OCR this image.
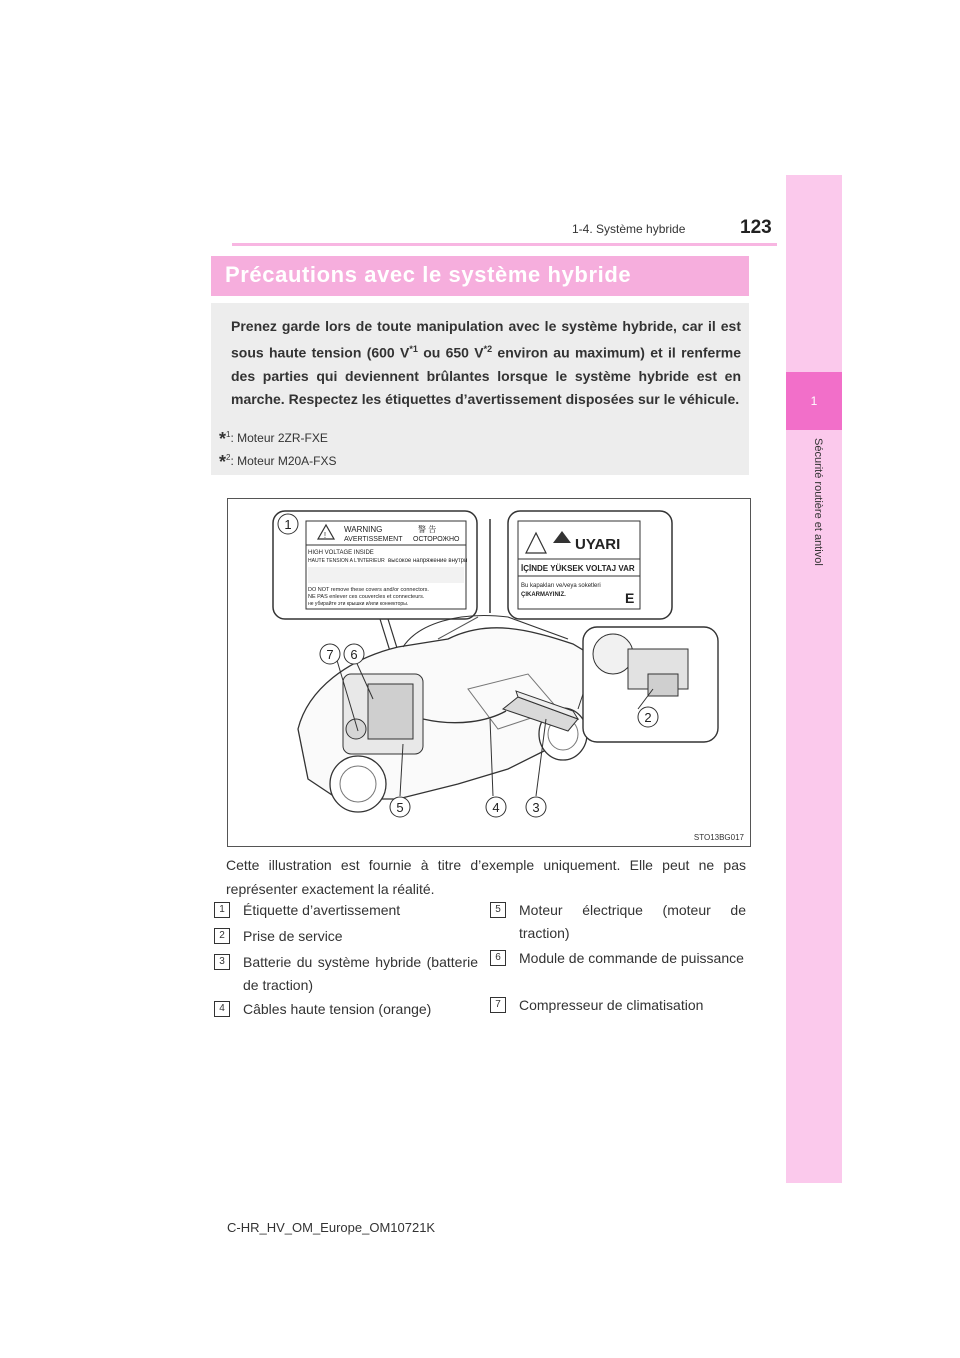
1
Sécurité routière et antivol
1-4. Système hybride	123
Précautions avec le système hybride
Prenez garde lors de toute manipulation avec le système hybride, car il est sous haute tension (600 $V^{*1}$ ou 650 $V^{*2}$ environ au maximum) et il renferme des parties qui deviennent brûlantes lorsque le système hybride est en marche. Respectez les étiquettes d’avertissement disposées sur le véhicule.
*$^1$: Moteur 2ZR-FXE
*$^2$: Moteur M20A-FXS
!
WARNING
AVERTISSEMENT
警 告
ОСТОРОЖНО
HIGH VOLTAGE INSIDE
HAUTE TENSION A L'INTERIEUR высокое напряжение внутри
DO NOT remove these covers and/or connectors.
NE PAS enlever ces couvercles et connecteurs.
не убирайте эти крышки и/или коннекторы.
UYARI
İÇİNDE YÜKSEK VOLTAJ VAR
Bu kapakları ve/veya soketleri
ÇIKARMAYINIZ.	E
1
2
3
4
5
6
7
STO13BG017
Cette illustration est fournie à titre d’exemple uniquement. Elle peut ne pas représenter exactement la réalité.
1	Étiquette d’avertissement
2	Prise de service
3	Batterie du système hybride (batterie de traction)
4	Câbles haute tension (orange)
5	Moteur électrique (moteur de traction)
6	Module de commande de puissance
7	Compresseur de climatisation
C-HR_HV_OM_Europe_OM10721K
